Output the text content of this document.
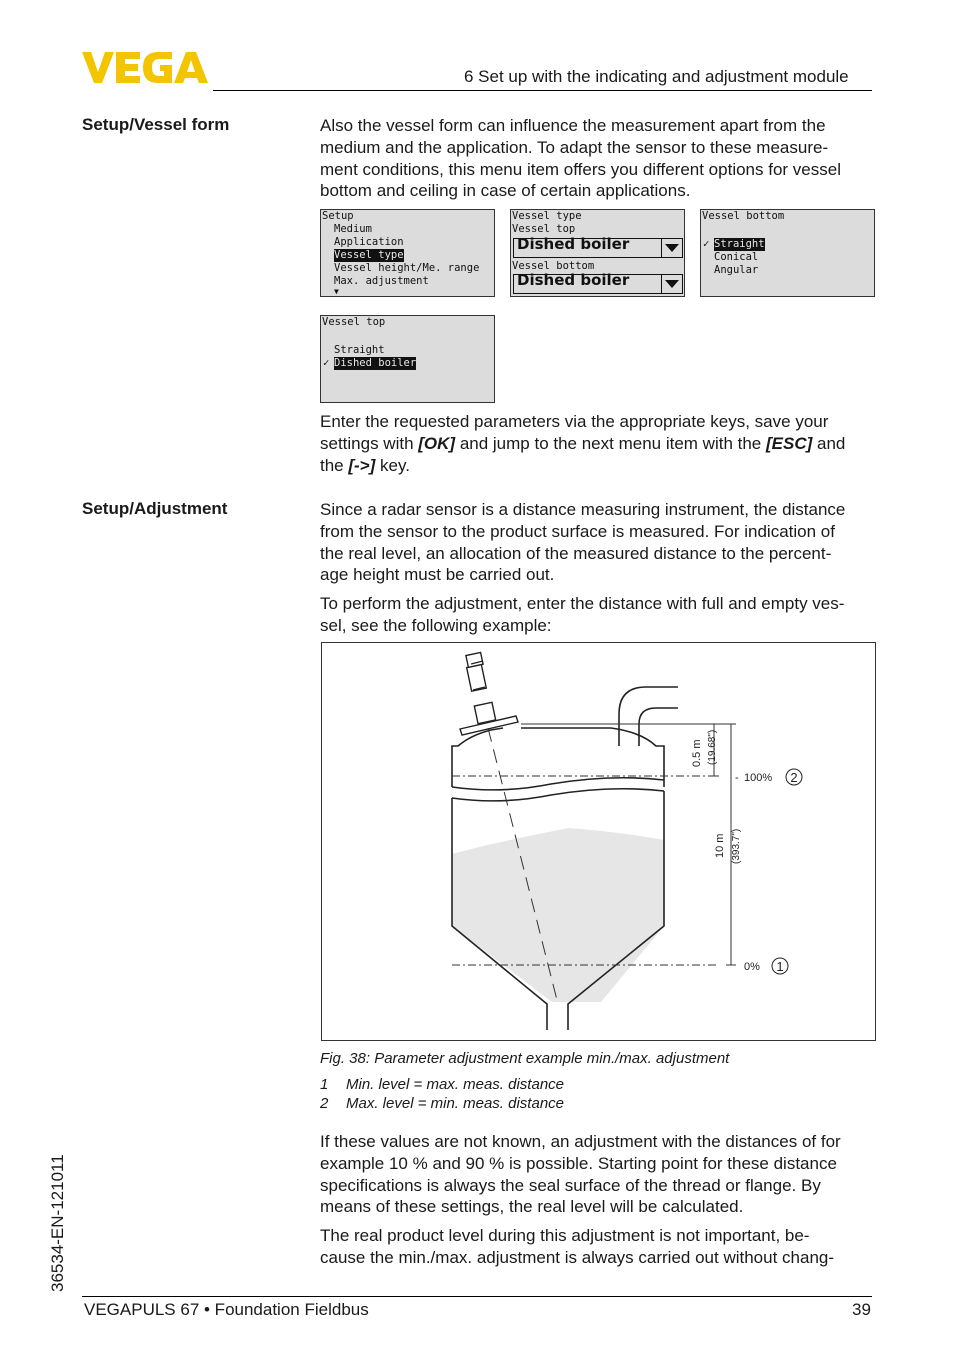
6 Set up with the indicating and adjustment module
Setup/Vessel form	Also the vessel form can influence the measurement apart from the
medium and the application. To adapt the sensor to these measure-
ment conditions, this menu item offers you different options for vessel
bottom and ceiling in case of certain applications.
Setup
Medium
Application
Vessel type
Vessel height/Me. range
Max. adjustment
▼
Vessel type
Vessel top
Dished boiler
Vessel bottom
Dished boiler
Vessel bottom
✓ Straight
Conical
Angular
Vessel top
Straight
✓ Dished boiler
Enter the requested parameters via the appropriate keys, save your
settings with [OK] and jump to the next menu item with the [ESC] and
the [->] key.
Setup/Adjustment	Since a radar sensor is a distance measuring instrument, the distance
from the sensor to the product surface is measured. For indication of
the real level, an allocation of the measured distance to the percent-
age height must be carried out.
To perform the adjustment, enter the distance with full and empty ves-
sel, see the following example:
0.5 m (19.68")
10 m (393.7")
- 100% 2
0% 1
Fig. 38: Parameter adjustment example min./max. adjustment
1 Min. level = max. meas. distance
2 Max. level = min. meas. distance
If these values are not known, an adjustment with the distances of for
example 10 % and 90 % is possible. Starting point for these distance
specifications is always the seal surface of the thread or flange. By
means of these settings, the real level will be calculated.
The real product level during this adjustment is not important, be-
cause the min./max. adjustment is always carried out without chang-
36534-EN-121011
VEGAPULS 67 • Foundation Fieldbus	39
